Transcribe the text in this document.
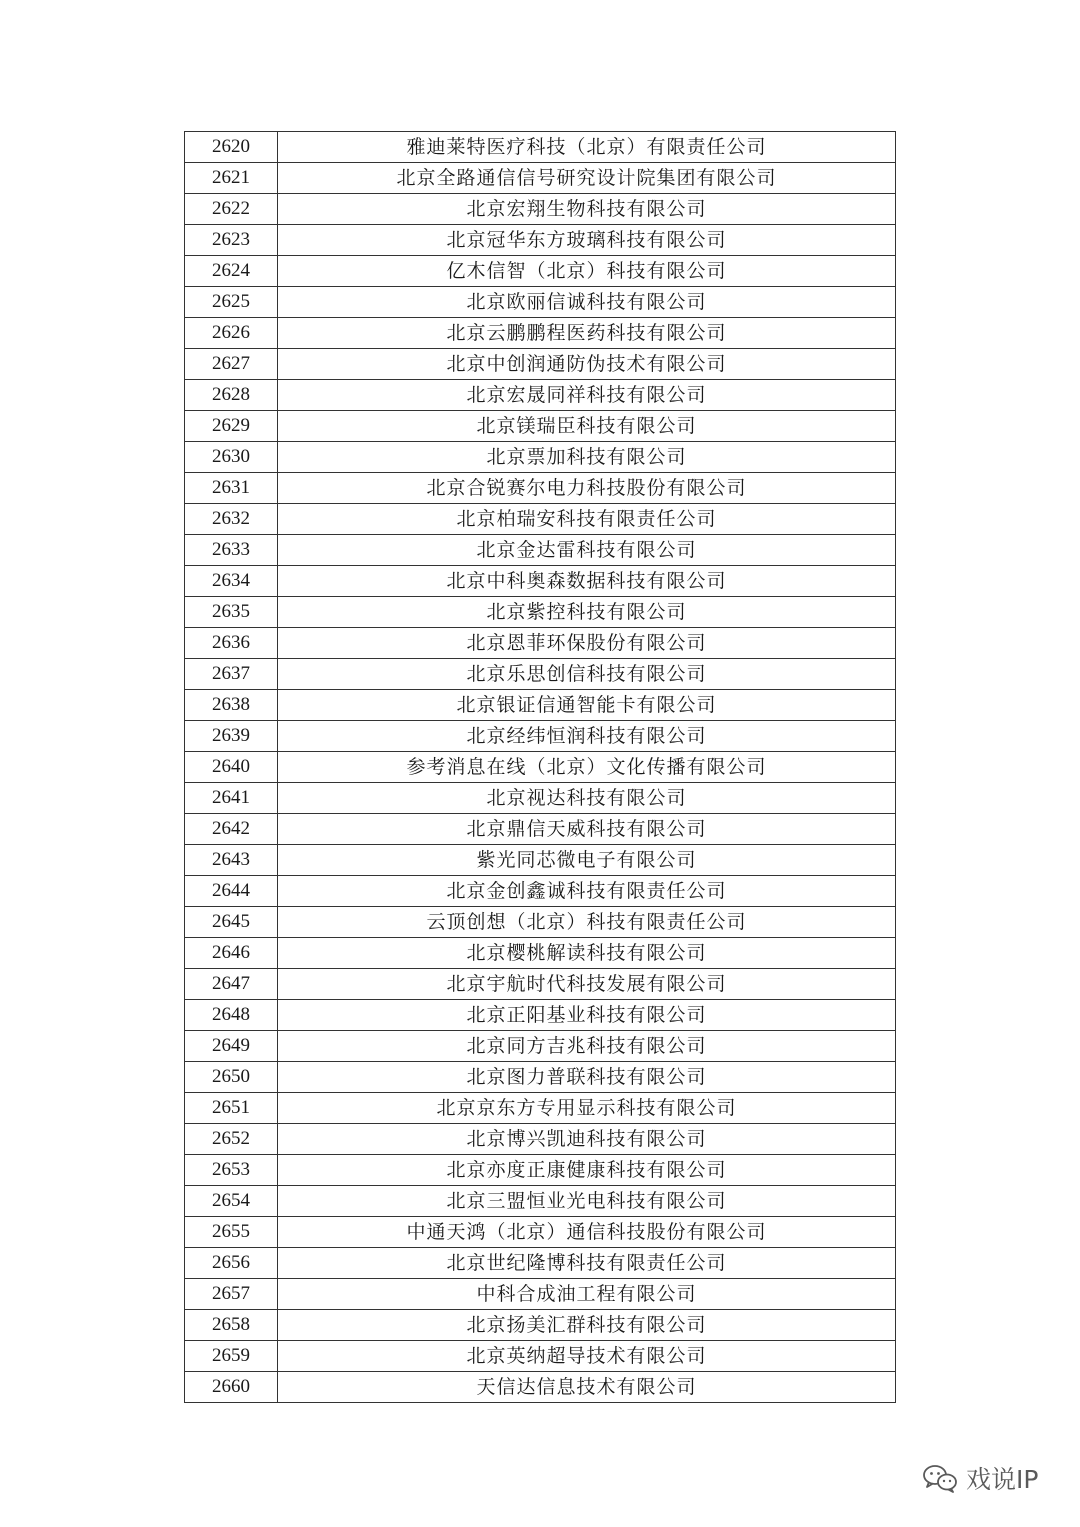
2620	雅迪莱特医疗科技（北京）有限责任公司
2621	北京全路通信信号研究设计院集团有限公司
2622	北京宏翔生物科技有限公司
2623	北京冠华东方玻璃科技有限公司
2624	亿木信智（北京）科技有限公司
2625	北京欧丽信诚科技有限公司
2626	北京云鹏鹏程医药科技有限公司
2627	北京中创润通防伪技术有限公司
2628	北京宏晟同祥科技有限公司
2629	北京镁瑞臣科技有限公司
2630	北京票加科技有限公司
2631	北京合锐赛尔电力科技股份有限公司
2632	北京柏瑞安科技有限责任公司
2633	北京金达雷科技有限公司
2634	北京中科奥森数据科技有限公司
2635	北京紫控科技有限公司
2636	北京恩菲环保股份有限公司
2637	北京乐思创信科技有限公司
2638	北京银证信通智能卡有限公司
2639	北京经纬恒润科技有限公司
2640	参考消息在线（北京）文化传播有限公司
2641	北京视达科技有限公司
2642	北京鼎信天威科技有限公司
2643	紫光同芯微电子有限公司
2644	北京金创鑫诚科技有限责任公司
2645	云顶创想（北京）科技有限责任公司
2646	北京樱桃解读科技有限公司
2647	北京宇航时代科技发展有限公司
2648	北京正阳基业科技有限公司
2649	北京同方吉兆科技有限公司
2650	北京图力普联科技有限公司
2651	北京京东方专用显示科技有限公司
2652	北京博兴凯迪科技有限公司
2653	北京亦度正康健康科技有限公司
2654	北京三盟恒业光电科技有限公司
2655	中通天鸿（北京）通信科技股份有限公司
2656	北京世纪隆博科技有限责任公司
2657	中科合成油工程有限公司
2658	北京扬美汇群科技有限公司
2659	北京英纳超导技术有限公司
2660	天信达信息技术有限公司
戏说IP
